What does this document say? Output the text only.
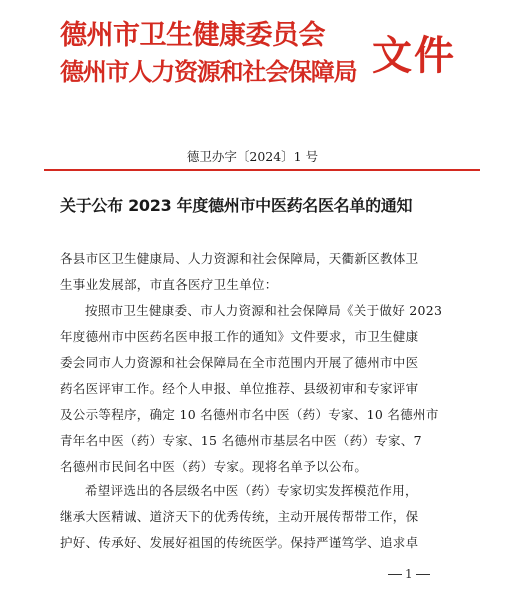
德州市卫生健康委员会
德州市人力资源和社会保障局 文件
德卫办字〔2024〕1 号
关于公布 2023 年度德州市中医药名医名单的通知

各县市区卫生健康局、人力资源和社会保障局，天衢新区教体卫

生事业发展部，市直各医疗卫生单位：

按照市卫生健康委、市人力资源和社会保障局《关于做好 2023

年度德州市中医药名医申报工作的通知》文件要求，市卫生健康

委会同市人力资源和社会保障局在全市范围内开展了德州市中医

药名医评审工作。经个人申报、单位推荐、县级初审和专家评审

及公示等程序，确定 10 名德州市名中医（药）专家、10 名德州市

青年名中医（药）专家、15 名德州市基层名中医（药）专家、7

名德州市民间名中医（药）专家。现将名单予以公布。

希望评选出的各层级名中医（药）专家切实发挥模范作用，

继承大医精诚、道济天下的优秀传统，主动开展传帮带工作，保

护好、传承好、发展好祖国的传统医学。保持严谨笃学、追求卓

1
